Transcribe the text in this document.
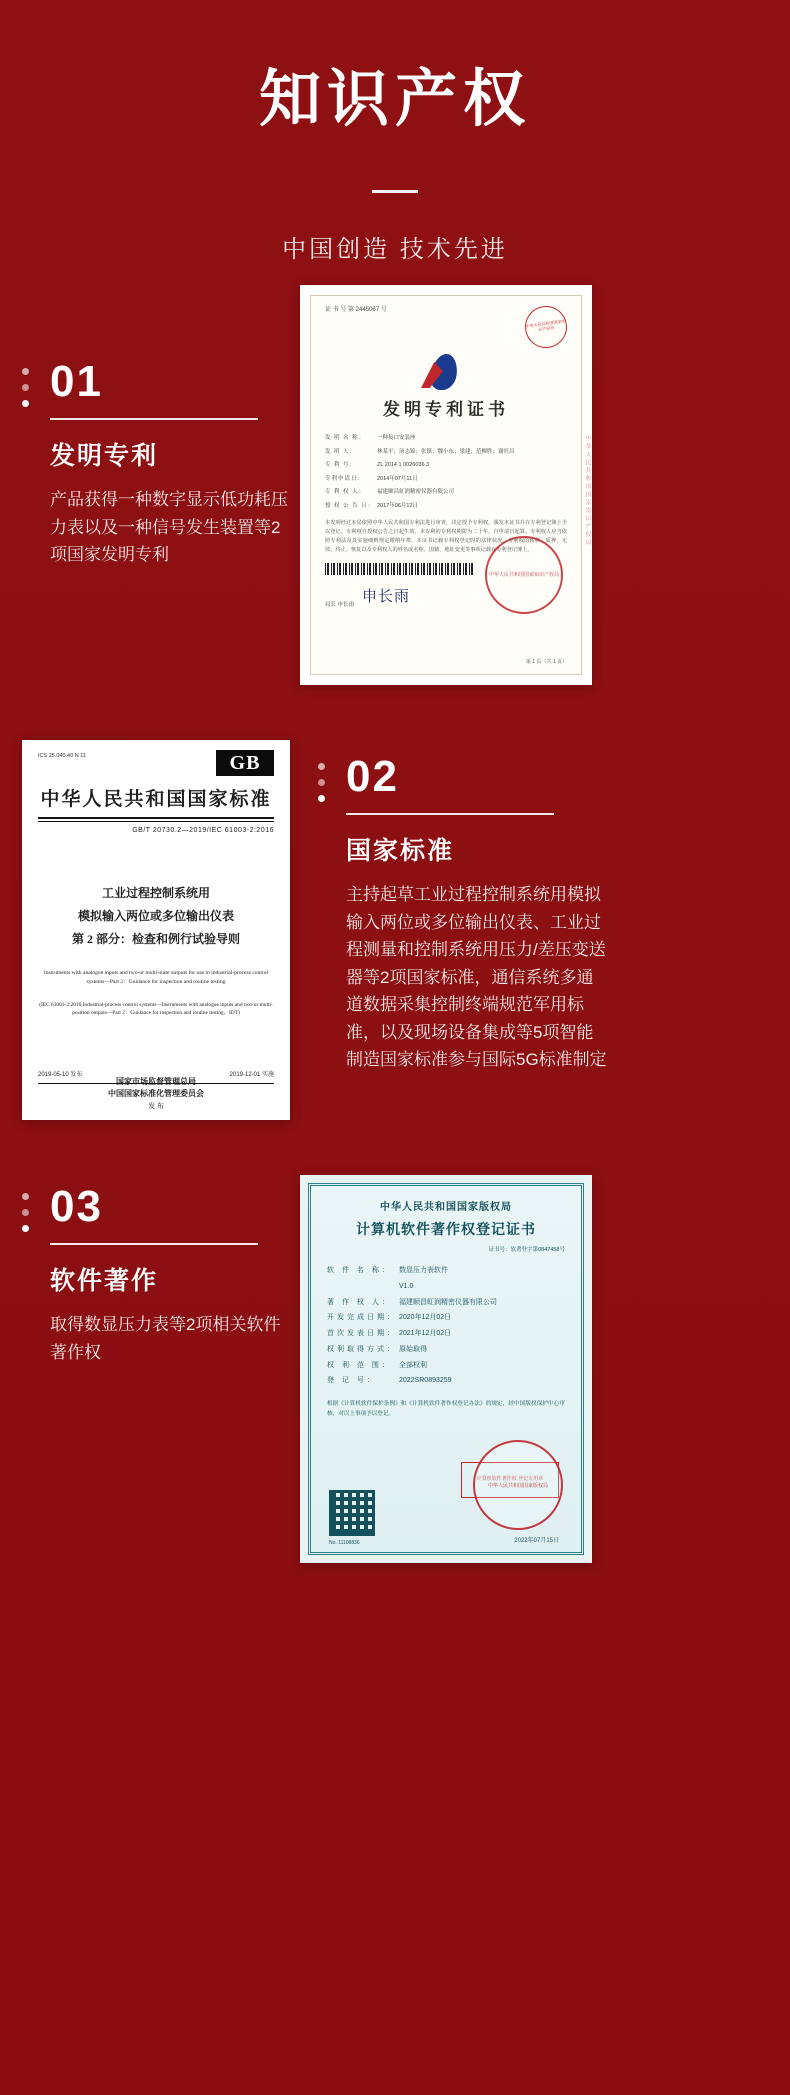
知识产权
中国创造 技术先进
01
发明专利
产品获得一种数字显示低功耗压力表以及一种信号发生装置等2项国家发明专利
证 书 号 第 2445067 号
中华人民共和国国家知识产权局
发明专利证书
发 明 名 称： 一种接口安装座
发 明 人：	林某平；汤志锦；张镇；魏小东；梁建；范柳胜；谢旺昌
专 利 号：	ZL 2014 1 0026036.3
专利申请日： 2014年07月11日
专 利 权 人： 福建顺昌虹润精密仪器有限公司
授 权 公 告 日： 2017年06月12日
本发明经过本局依照中华人民共和国专利法进行审查，决定授予专利权，颁发本证书并在专利登记簿上予以登记。专利权自授权公告之日起生效。本专利的专利权期限为二十年，自申请日起算。专利权人应当依照专利法及其实施细则规定缴纳年费。本证书记载专利权登记时的法律状况。专利权的转移、质押、无效、终止、恢复以及专利权人的姓名或名称、国籍、地址变更等事项记载在专利登记簿上。
局长 申长雨 申长雨
中华人民共和国国家知识产权局
第 1 页（共 1 页）
中华人民共和国国家知识产权局
02
国家标准
主持起草工业过程控制系统用模拟输入两位或多位输出仪表、工业过程测量和控制系统用压力/差压变送器等2项国家标准，通信系统多通道数据采集控制终端规范军用标准，以及现场设备集成等5项智能制造国家标准参与国际5G标准制定
ICS 25.040.40 N 11	GB
中华人民共和国国家标准
GB/T 20730.2—2019/IEC 61003-2:2016
工业过程控制系统用
模拟输入两位或多位输出仪表
第 2 部分：检查和例行试验导则
Instruments with analogue inputs and two-or multi-state outputs for use in industrial-process control systems—Part 2：Guidance for inspection and routine testing
(IEC 61003-2:2016,Industrial-process control systems—Instruments with analogue inputs and two-or multi-position outputs—Part 2：Guidance for inspection and routine testing，IDT)
2019-05-10 发布	2019-12-01 实施
国家市场监督管理总局
中国国家标准化管理委员会
发 布
03
软件著作
取得数显压力表等2项相关软件著作权
中华人民共和国国家版权局
计算机软件著作权登记证书
证书号：软著登字第0847458号
软 件 名 称：	数显压力表软件
V1.0
著 作 权 人：	福建顺昌虹润精密仪器有限公司
开发完成日期： 2020年12月02日
首次发表日期： 2021年12月02日
权利取得方式： 原始取得
权 利 范 围：	全部权利
登 记 号：	2022SR0893259
根据《计算机软件保护条例》和《计算机软件著作权登记办法》的规定，经中国版权保护中心审核，对以上事项予以登记。
No. 11108836
计算机软件著作权 登记专用章
中华人民共和国国家版权局
2022年07月15日
